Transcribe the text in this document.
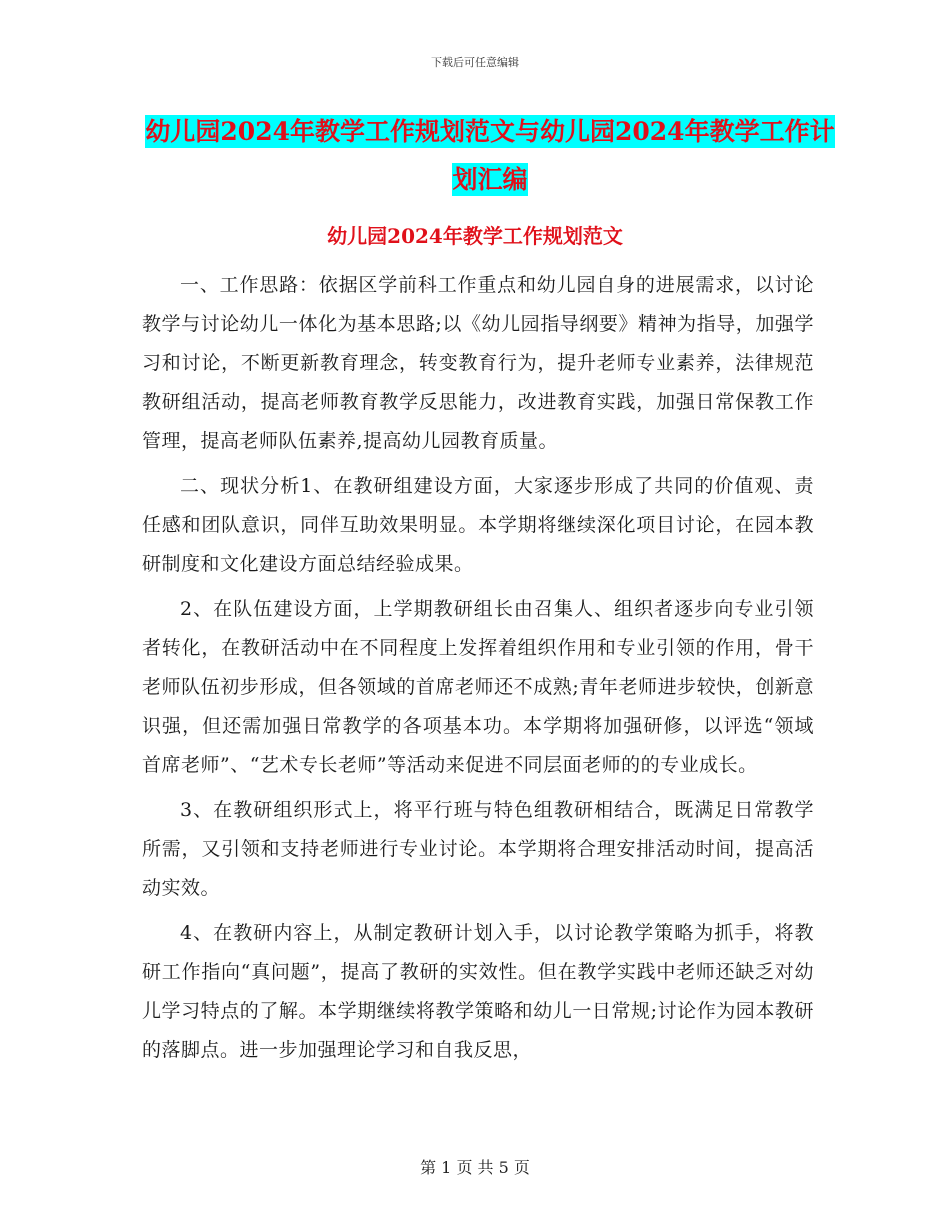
下载后可任意编辑
幼儿园2024年教学工作规划范文与幼儿园2024年教学工作计划汇编
幼儿园2024年教学工作规划范文

一、工作思路：依据区学前科工作重点和幼儿园自身的进展需求，以讨论教学与讨论幼儿一体化为基本思路;以《幼儿园指导纲要》精神为指导，加强学习和讨论，不断更新教育理念，转变教育行为，提升老师专业素养，法律规范教研组活动，提高老师教育教学反思能力，改进教育实践，加强日常保教工作管理，提高老师队伍素养,提高幼儿园教育质量。

二、现状分析1、在教研组建设方面，大家逐步形成了共同的价值观、责任感和团队意识，同伴互助效果明显。本学期将继续深化项目讨论，在园本教研制度和文化建设方面总结经验成果。

2、在队伍建设方面，上学期教研组长由召集人、组织者逐步向专业引领者转化，在教研活动中在不同程度上发挥着组织作用和专业引领的作用，骨干老师队伍初步形成，但各领域的首席老师还不成熟;青年老师进步较快，创新意识强，但还需加强日常教学的各项基本功。本学期将加强研修，以评选“领域首席老师”、“艺术专长老师”等活动来促进不同层面老师的的专业成长。

3、在教研组织形式上，将平行班与特色组教研相结合，既满足日常教学所需，又引领和支持老师进行专业讨论。本学期将合理安排活动时间，提高活动实效。

4、在教研内容上，从制定教研计划入手，以讨论教学策略为抓手，将教研工作指向“真问题”，提高了教研的实效性。但在教学实践中老师还缺乏对幼儿学习特点的了解。本学期继续将教学策略和幼儿一日常规;讨论作为园本教研的落脚点。进一步加强理论学习和自我反思，

第 1 页 共 5 页
